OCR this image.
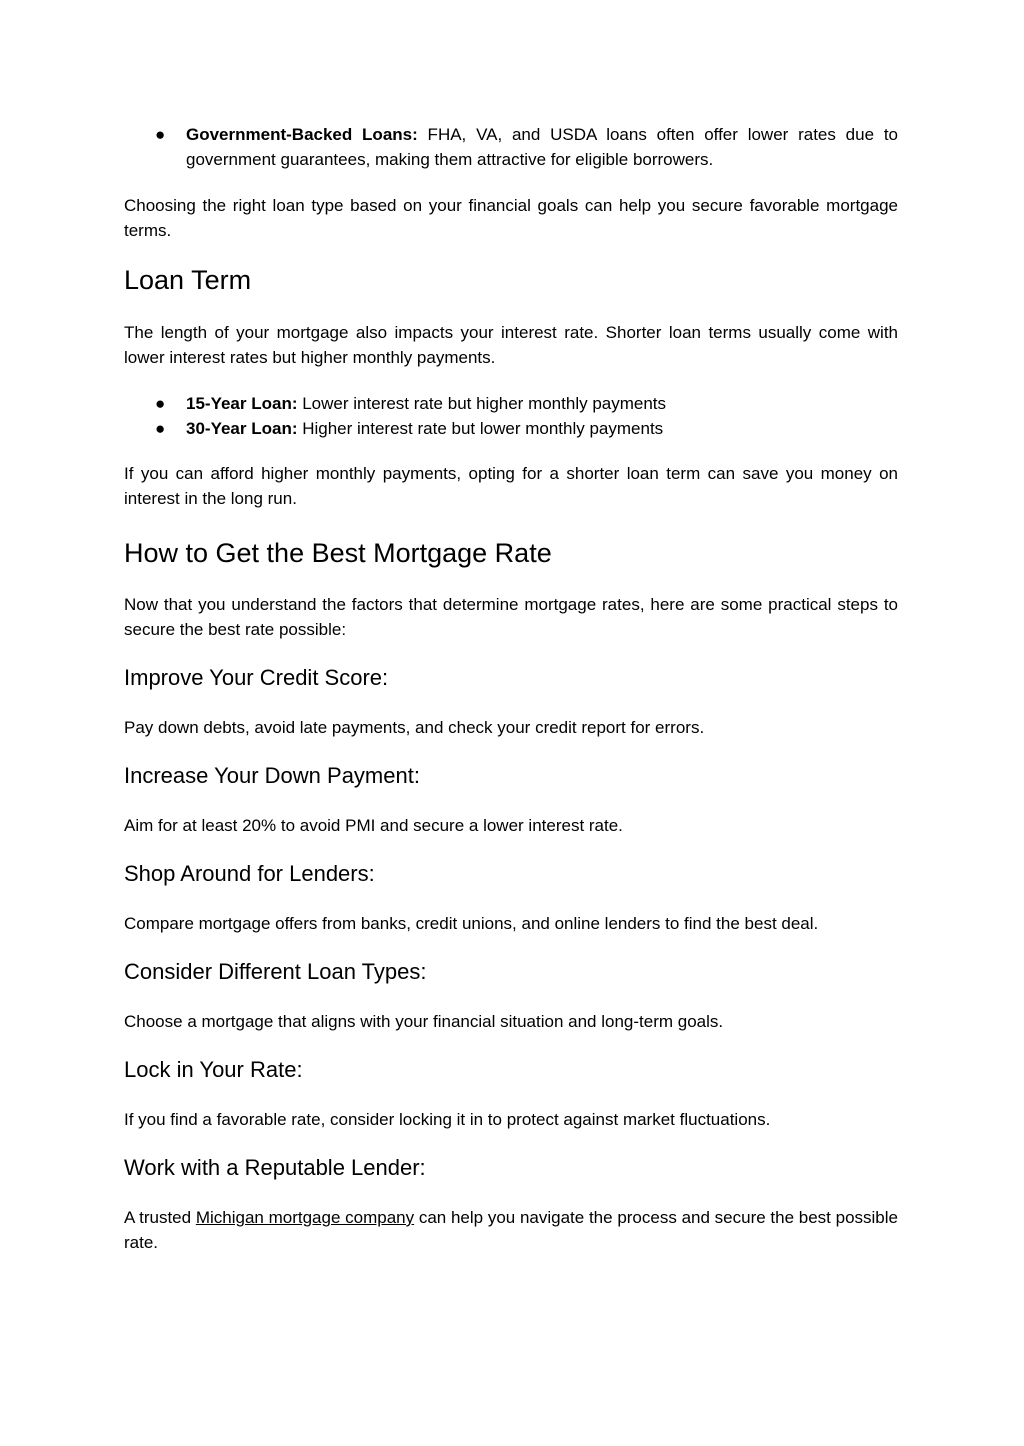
● Government-Backed Loans: FHA, VA, and USDA loans often offer lower rates due to government guarantees, making them attractive for eligible borrowers.

Choosing the right loan type based on your financial goals can help you secure favorable mortgage terms.

Loan Term

The length of your mortgage also impacts your interest rate. Shorter loan terms usually come with lower interest rates but higher monthly payments.

● 15-Year Loan: Lower interest rate but higher monthly payments
● 30-Year Loan: Higher interest rate but lower monthly payments

If you can afford higher monthly payments, opting for a shorter loan term can save you money on interest in the long run.

How to Get the Best Mortgage Rate

Now that you understand the factors that determine mortgage rates, here are some practical steps to secure the best rate possible:

Improve Your Credit Score:

Pay down debts, avoid late payments, and check your credit report for errors.

Increase Your Down Payment:

Aim for at least 20% to avoid PMI and secure a lower interest rate.

Shop Around for Lenders:

Compare mortgage offers from banks, credit unions, and online lenders to find the best deal.

Consider Different Loan Types:

Choose a mortgage that aligns with your financial situation and long-term goals.

Lock in Your Rate:

If you find a favorable rate, consider locking it in to protect against market fluctuations.

Work with a Reputable Lender:

A trusted Michigan mortgage company can help you navigate the process and secure the best possible rate.
